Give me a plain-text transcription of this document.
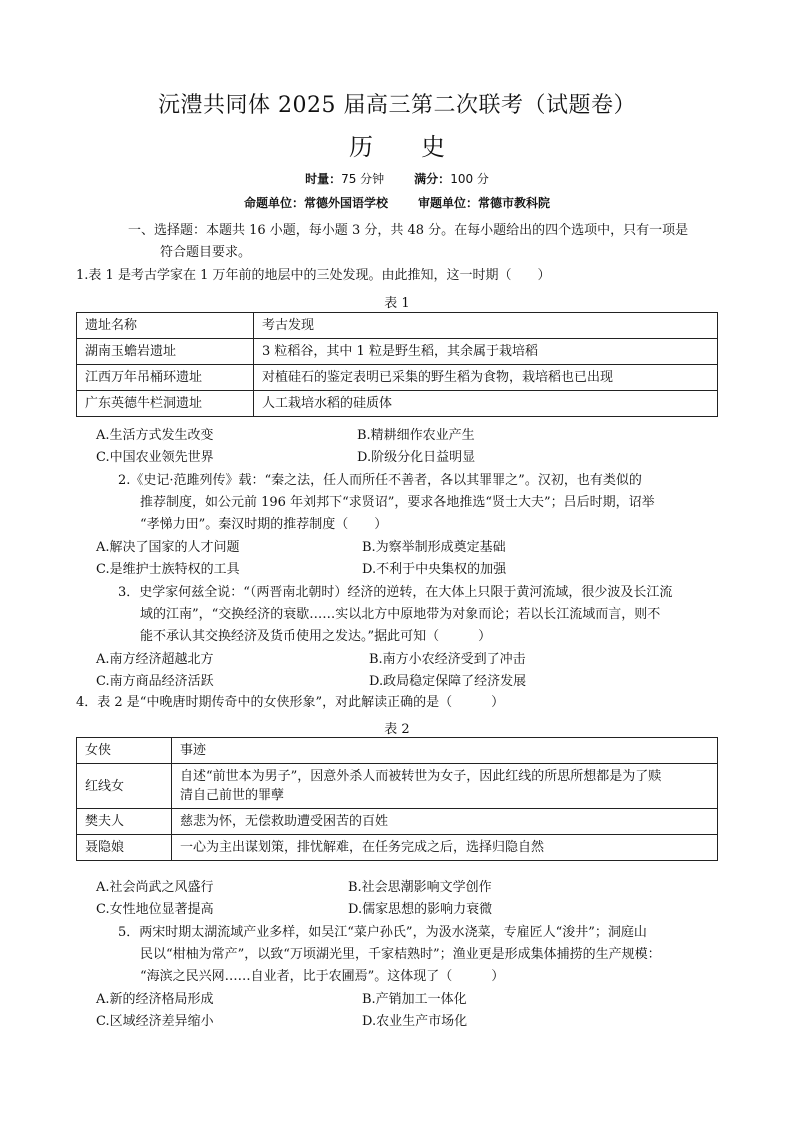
沅澧共同体 2025 届高三第二次联考（试题卷）
历 史
时量：75 分钟	满分：100 分
命题单位：常德外国语学校	审题单位：常德市教科院
一、选择题：本题共 16 小题，每小题 3 分，共 48 分。在每小题给出的四个选项中，只有一项是
符合题目要求。
1.表 1 是考古学家在 1 万年前的地层中的三处发现。由此推知，这一时期（　　）
表 1
遗址名称	考古发现
湖南玉蟾岩遗址	3 粒稻谷，其中 1 粒是野生稻，其余属于栽培稻
江西万年吊桶环遗址	对植硅石的鉴定表明已采集的野生稻为食物，栽培稻也已出现
广东英德牛栏洞遗址	人工栽培水稻的硅质体
A.生活方式发生改变	B.精耕细作农业产生
C.中国农业领先世界	D.阶级分化日益明显
2.《史记·范雎列传》载：“秦之法，任人而所任不善者，各以其罪罪之”。汉初，也有类似的
推荐制度，如公元前 196 年刘邦下“求贤诏”，要求各地推选“贤士大夫”；吕后时期，诏举
“孝悌力田”。秦汉时期的推荐制度（　　）
A.解决了国家的人才问题	B.为察举制形成奠定基础
C.是维护士族特权的工具	D.不利于中央集权的加强
3．史学家何兹全说：“（两晋南北朝时）经济的逆转，在大体上只限于黄河流域，很少波及长江流
域的江南”，“交换经济的衰歇……实以北方中原地带为对象而论；若以长江流域而言，则不
能不承认其交换经济及货币使用之发达。”据此可知（　　　）
A.南方经济超越北方	B.南方小农经济受到了冲击
C.南方商品经济活跃	D.政局稳定保障了经济发展
4．表 2 是“中晚唐时期传奇中的女侠形象”，对此解读正确的是（　　　）
表 2
女侠	事迹
红线女	自述“前世本为男子”，因意外杀人而被转世为女子，因此红线的所思所想都是为了赎
清自己前世的罪孽

樊夫人	慈悲为怀，无偿救助遭受困苦的百姓
聂隐娘	一心为主出谋划策，排忧解难，在任务完成之后，选择归隐自然
A.社会尚武之风盛行	B.社会思潮影响文学创作
C.女性地位显著提高	D.儒家思想的影响力衰微
5．两宋时期太湖流域产业多样，如吴江“菜户孙氏”，为汲水浇菜，专雇匠人“浚井”；洞庭山
民以“柑柚为常产”，以致“万顷湖光里，千家桔熟时”；渔业更是形成集体捕捞的生产规模：
“海滨之民兴网……自业者，比于农圃焉”。这体现了（　　　）
A.新的经济格局形成	B.产销加工一体化
C.区域经济差异缩小	D.农业生产市场化
